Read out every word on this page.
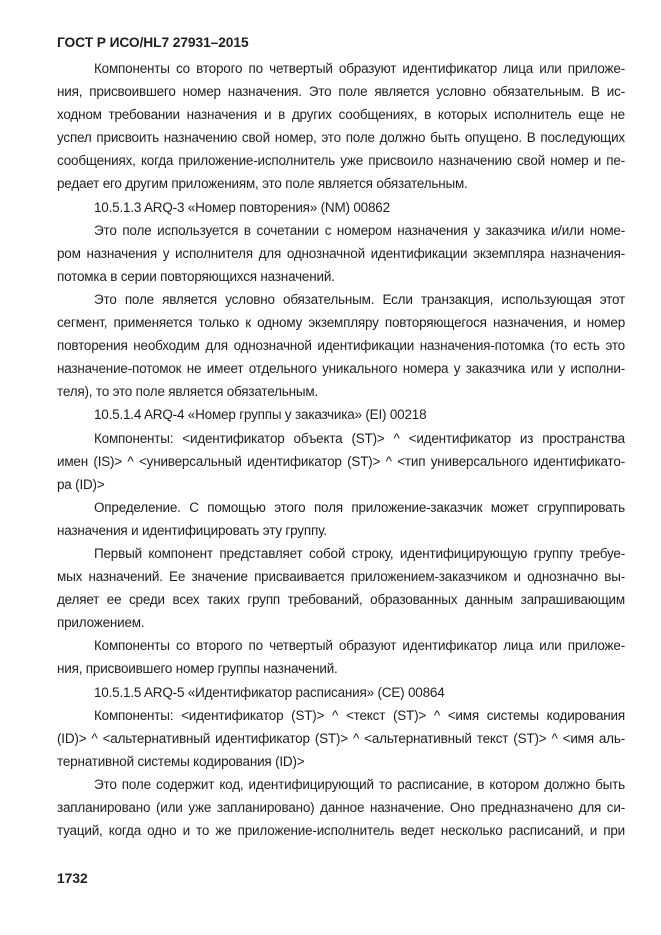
ГОСТ Р ИСО/HL7 27931–2015
Компоненты со второго по четвертый образуют идентификатор лица или приложе-
ния, присвоившего номер назначения. Это поле является условно обязательным. В ис-
ходном требовании назначения и в других сообщениях, в которых исполнитель еще не
успел присвоить назначению свой номер, это поле должно быть опущено. В последующих
сообщениях, когда приложение-исполнитель уже присвоило назначению свой номер и пе-
редает его другим приложениям, это поле является обязательным.
10.5.1.3 ARQ-3 «Номер повторения» (NM) 00862
Это поле используется в сочетании с номером назначения у заказчика и/или номе-
ром назначения у исполнителя для однозначной идентификации экземпляра назначения-
потомка в серии повторяющихся назначений.
Это поле является условно обязательным. Если транзакция, использующая этот
сегмент, применяется только к одному экземпляру повторяющегося назначения, и номер
повторения необходим для однозначной идентификации назначения-потомка (то есть это
назначение-потомок не имеет отдельного уникального номера у заказчика или у исполни-
теля), то это поле является обязательным.
10.5.1.4 ARQ-4 «Номер группы у заказчика» (EI) 00218
Компоненты: <идентификатор объекта (ST)> ^ <идентификатор из пространства
имен (IS)> ^ <универсальный идентификатор (ST)> ^ <тип универсального идентификато-
ра (ID)>
Определение. С помощью этого поля приложение-заказчик может сгруппировать
назначения и идентифицировать эту группу.
Первый компонент представляет собой строку, идентифицирующую группу требуе-
мых назначений. Ее значение присваивается приложением-заказчиком и однозначно вы-
деляет ее среди всех таких групп требований, образованных данным запрашивающим
приложением.
Компоненты со второго по четвертый образуют идентификатор лица или приложе-
ния, присвоившего номер группы назначений.
10.5.1.5 ARQ-5 «Идентификатор расписания» (CE) 00864
Компоненты: <идентификатор (ST)> ^ <текст (ST)> ^ <имя системы кодирования
(ID)> ^ <альтернативный идентификатор (ST)> ^ <альтернативный текст (ST)> ^ <имя аль-
тернативной системы кодирования (ID)>
Это поле содержит код, идентифицирующий то расписание, в котором должно быть
запланировано (или уже запланировано) данное назначение. Оно предназначено для си-
туаций, когда одно и то же приложение-исполнитель ведет несколько расписаний, и при
1732
